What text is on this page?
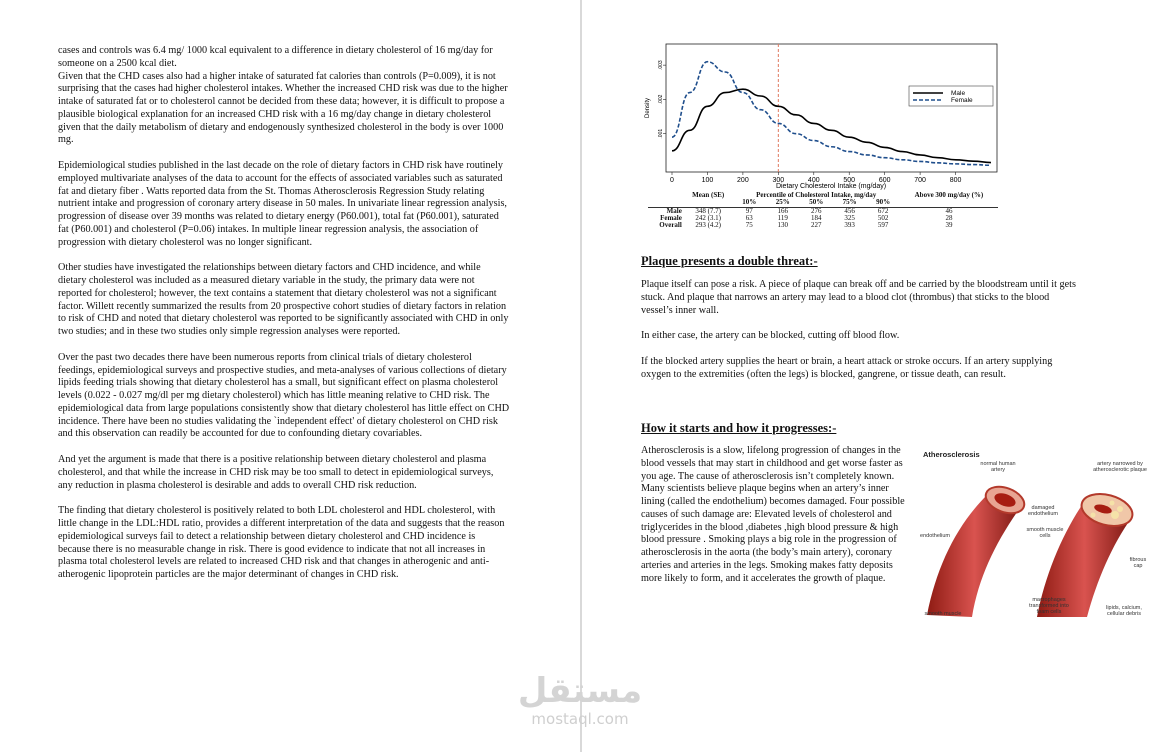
cases and controls was 6.4 mg/ 1000 kcal equivalent to a difference in dietary cholesterol of 16 mg/day for someone on a 2500 kcal diet.

Given that the CHD cases also had a higher intake of saturated fat calories than controls (P=0.009), it is not surprising that the cases had higher cholesterol intakes. Whether the increased CHD risk was due to the higher intake of saturated fat or to cholesterol cannot be decided from these data; however, it is difficult to propose a plausible biological explanation for an increased CHD risk with a 16 mg/day change in dietary cholesterol given that the daily metabolism of dietary and endogenously synthesized cholesterol in the body is over 1000 mg.

Epidemiological studies published in the last decade on the role of dietary factors in CHD risk have routinely employed multivariate analyses of the data to account for the effects of associated variables such as saturated fat and dietary fiber . Watts reported data from the St. Thomas Atherosclerosis Regression Study relating nutrient intake and progression of coronary artery disease in 50 males. In univariate linear regression analysis, progression of disease over 39 months was related to dietary energy (P60.001), total fat (P60.001), saturated fat (P60.001) and cholesterol (P=0.06) intakes. In multiple linear regression analysis, the association of progression with dietary cholesterol was no longer significant.

Other studies have investigated the relationships between dietary factors and CHD incidence, and while dietary cholesterol was included as a measured dietary variable in the study, the primary data were not reported for cholesterol; however, the text contains a statement that dietary cholesterol was not a significant factor. Willett recently summarized the results from 20 prospective cohort studies of dietary factors in relation to risk of CHD and noted that dietary cholesterol was reported to be significantly associated with CHD in only two studies; and in these two studies only simple regression analyses were reported.

Over the past two decades there have been numerous reports from clinical trials of dietary cholesterol feedings, epidemiological surveys and prospective studies, and meta-analyses of various collections of dietary lipids feeding trials showing that dietary cholesterol has a small, but significant effect on plasma cholesterol levels (0.022 - 0.027 mg/dl per mg dietary cholesterol) which has little meaning relative to CHD risk. The epidemiological data from large populations consistently show that dietary cholesterol has little effect on CHD incidence. There have been no studies validating the `independent effect' of dietary cholesterol on CHD risk and this observation can readily be accounted for due to confounding dietary covariables.

And yet the argument is made that there is a positive relationship between dietary cholesterol and plasma cholesterol, and that while the increase in CHD risk may be too small to detect in epidemiological surveys, any reduction in plasma cholesterol is desirable and adds to overall CHD risk reduction.

The finding that dietary cholesterol is positively related to both LDL cholesterol and HDL cholesterol, with little change in the LDL:HDL ratio, provides a different interpretation of the data and suggests that the reason epidemiological surveys fail to detect a relationship between dietary cholesterol and CHD incidence is because there is no measurable change in risk. There is good evidence to indicate that not all increases in plasma total cholesterol levels are related to increased CHD risk and that changes in atherogenic and anti-atherogenic lipoprotein particles are the major determinant of changes in CHD risk.

.001
.002
.003
0	100	200	300	400	500	600	700	800
Male
Female
Density
Dietary Cholesterol Intake (mg/day)
	Mean (SE)	Percentile of Cholesterol Intake, mg/day					Above 300 mg/day (%)
		10%	25%	50%	75%	90%	
Male	348 (7.7)	97	166	276	456	672	46
Female	242 (3.1)	63	119	184	325	502	28
Overall	293 (4.2)	75	130	227	393	597	39
Plaque presents a double threat:-

Plaque itself can pose a risk. A piece of plaque can break off and be carried by the bloodstream until it gets stuck. And plaque that narrows an artery may lead to a blood clot (thrombus) that sticks to the blood vessel’s inner wall.

In either case, the artery can be blocked, cutting off blood flow.

If the blocked artery supplies the heart or brain, a heart attack or stroke occurs. If an artery supplying oxygen to the extremities (often the legs) is blocked, gangrene, or tissue death, can result.

How it starts and how it progresses:-

Atherosclerosis is a slow, lifelong progression of changes in the blood vessels that may start in childhood and get worse faster as you age. The cause of atherosclerosis isn’t completely known. Many scientists believe plaque begins when an artery’s inner lining (called the endothelium) becomes damaged. Four possible causes of such damage are: Elevated levels of cholesterol and triglycerides in the blood ,diabetes ,high blood pressure & high blood pressure . Smoking plays a big role in the progression of atherosclerosis in the aorta (the body’s main artery), coronary arteries and arteries in the legs. Smoking makes fatty deposits more likely to form, and it accelerates the growth of plaque.

Atherosclerosis
normal human artery
artery narrowed by atherosclerotic plaque
damaged endothelium
smooth muscle cells
endothelium
fibrous cap
macrophages transformed into foam cells
lipids, calcium, cellular debris
smooth muscle
مستقل
mostaql.com
